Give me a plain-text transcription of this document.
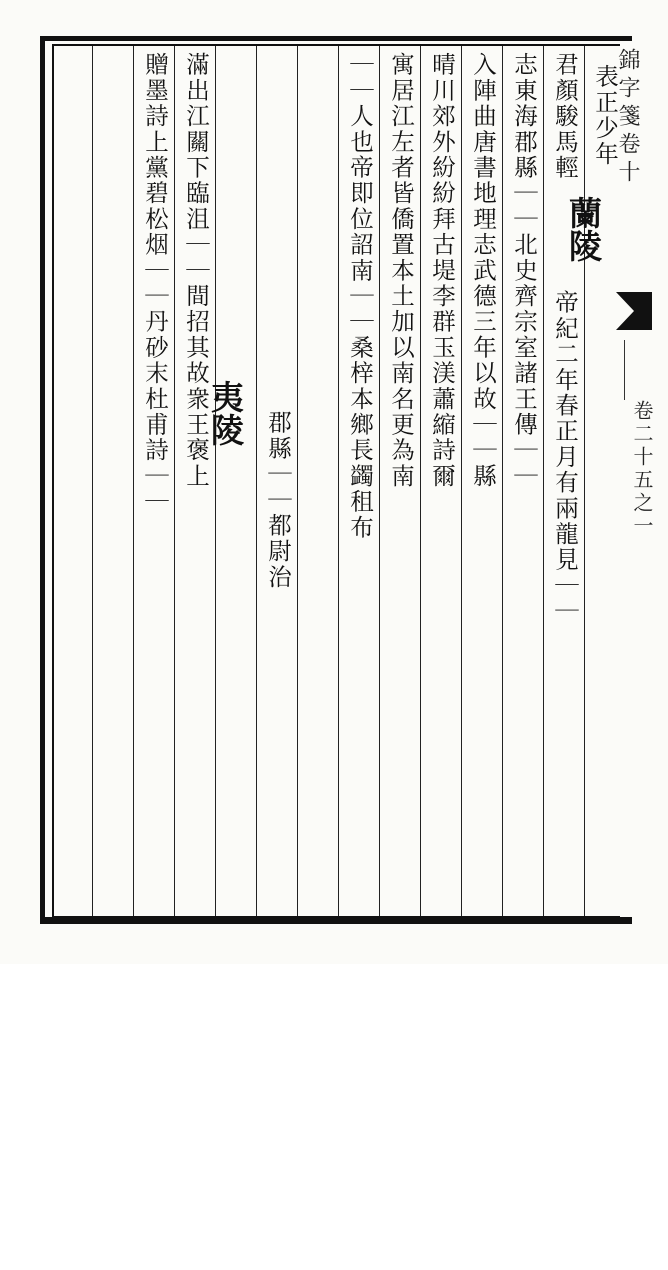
錦字箋卷十
卷二十五之一
表正少年
君顏駿馬輕
蘭陵
帝紀二年春正月有兩龍見｜｜
志東海郡縣｜｜北史齊宗室諸王傳｜｜
入陣曲唐書地理志武德三年以故｜｜縣
晴川郊外紛紛拜古堤李群玉渼蕭縮詩爾
寓居江左者皆僑置本土加以南名更為南
｜｜人也帝即位詔南｜｜桑梓本鄉長蠲租布
夷陵 郡縣｜｜都尉治
滿出江關下臨沮｜｜間招其故衆王褒上
贈墨詩上黨碧松烟｜｜丹砂末杜甫詩｜｜
